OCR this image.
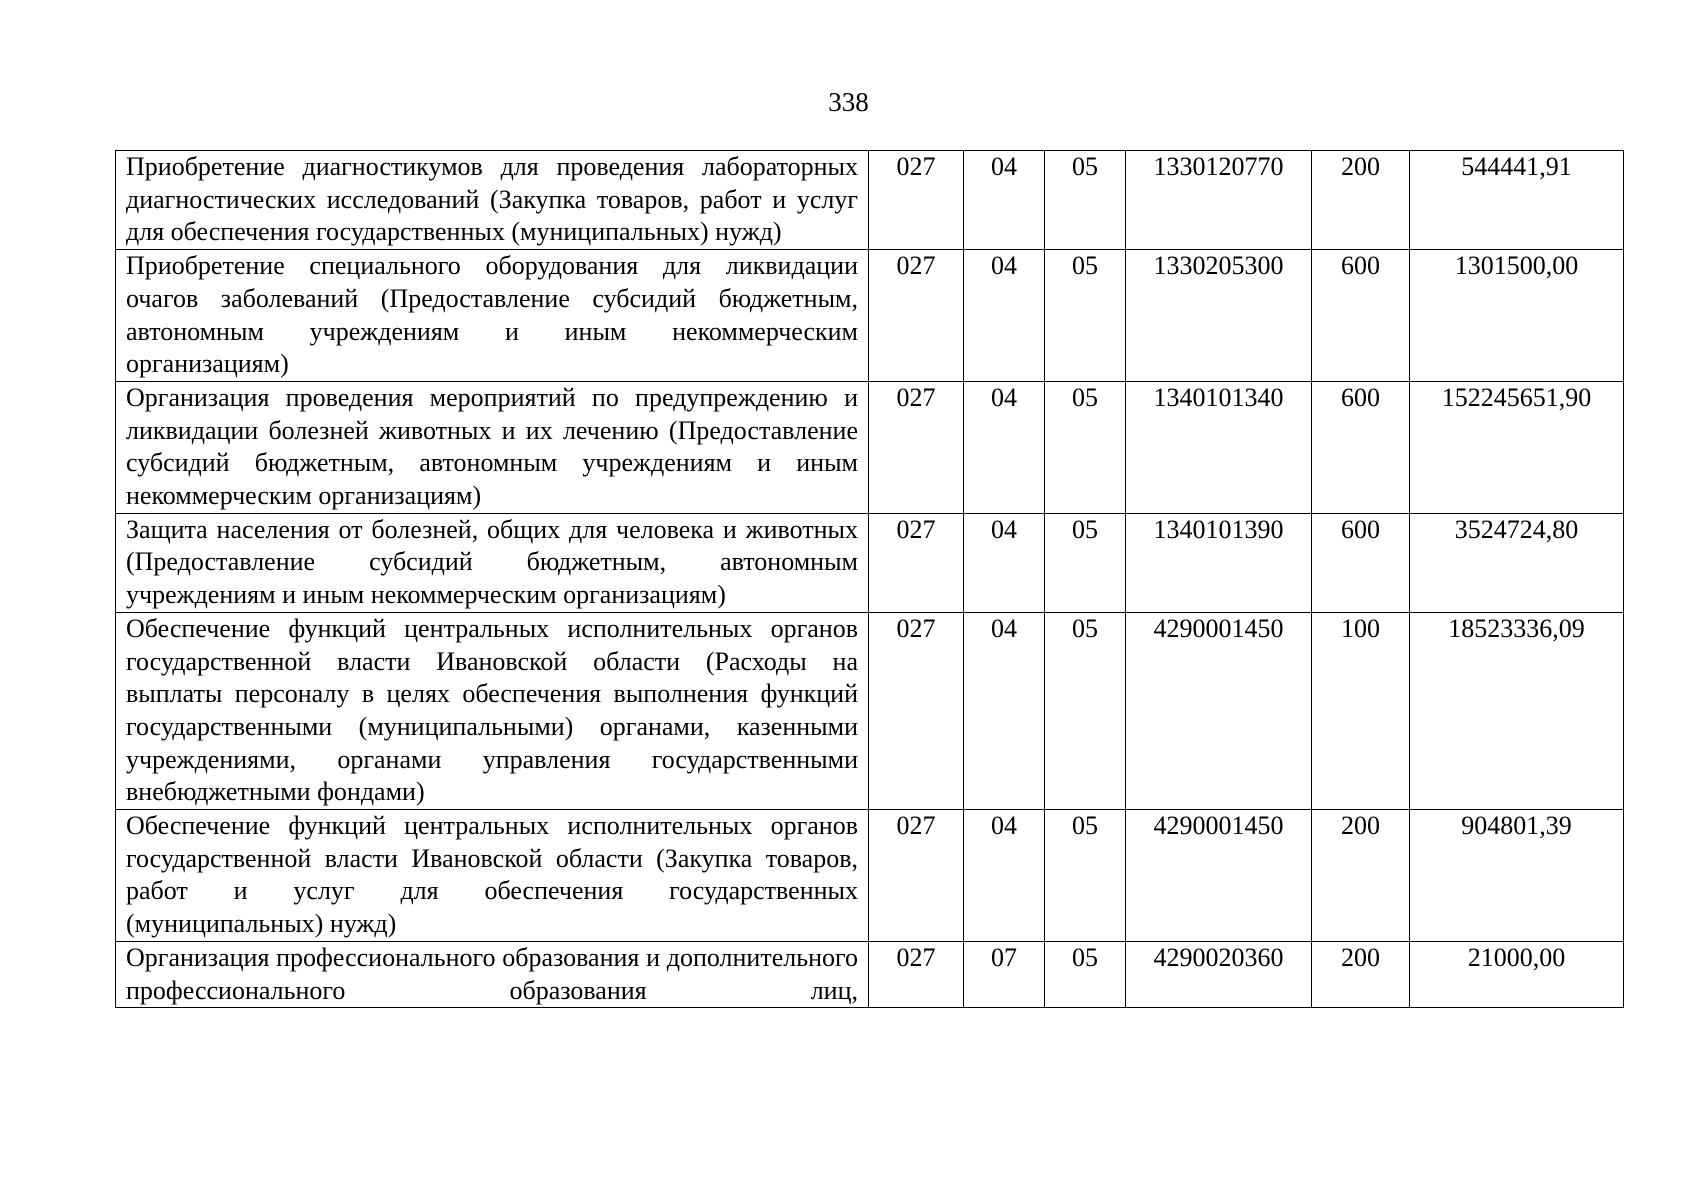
338
Приобретение диагностикумов для проведения лабораторных диагностических исследований (Закупка товаров, работ и услуг для обеспечения государственных (муниципальных) нужд)	027	04	05	1330120770	200	544441,91
Приобретение специального оборудования для ликвидации очагов заболеваний (Предоставление субсидий бюджетным, автономным учреждениям и иным некоммерческим организациям)	027	04	05	1330205300	600	1301500,00
Организация проведения мероприятий по предупреждению и ликвидации болезней животных и их лечению (Предоставление субсидий бюджетным, автономным учреждениям и иным некоммерческим организациям)	027	04	05	1340101340	600	152245651,90
Защита населения от болезней, общих для человека и животных (Предоставление субсидий бюджетным, автономным учреждениям и иным некоммерческим организациям)	027	04	05	1340101390	600	3524724,80
Обеспечение функций центральных исполнительных органов государственной власти Ивановской области (Расходы на выплаты персоналу в целях обеспечения выполнения функций государственными (муниципальными) органами, казенными учреждениями, органами управления государственными внебюджетными фондами)	027	04	05	4290001450	100	18523336,09
Обеспечение функций центральных исполнительных органов государственной власти Ивановской области (Закупка товаров, работ и услуг для обеспечения государственных (муниципальных) нужд)	027	04	05	4290001450	200	904801,39
Организация профессионального образования и дополнительного профессионального образования лиц,	027	07	05	4290020360	200	21000,00
